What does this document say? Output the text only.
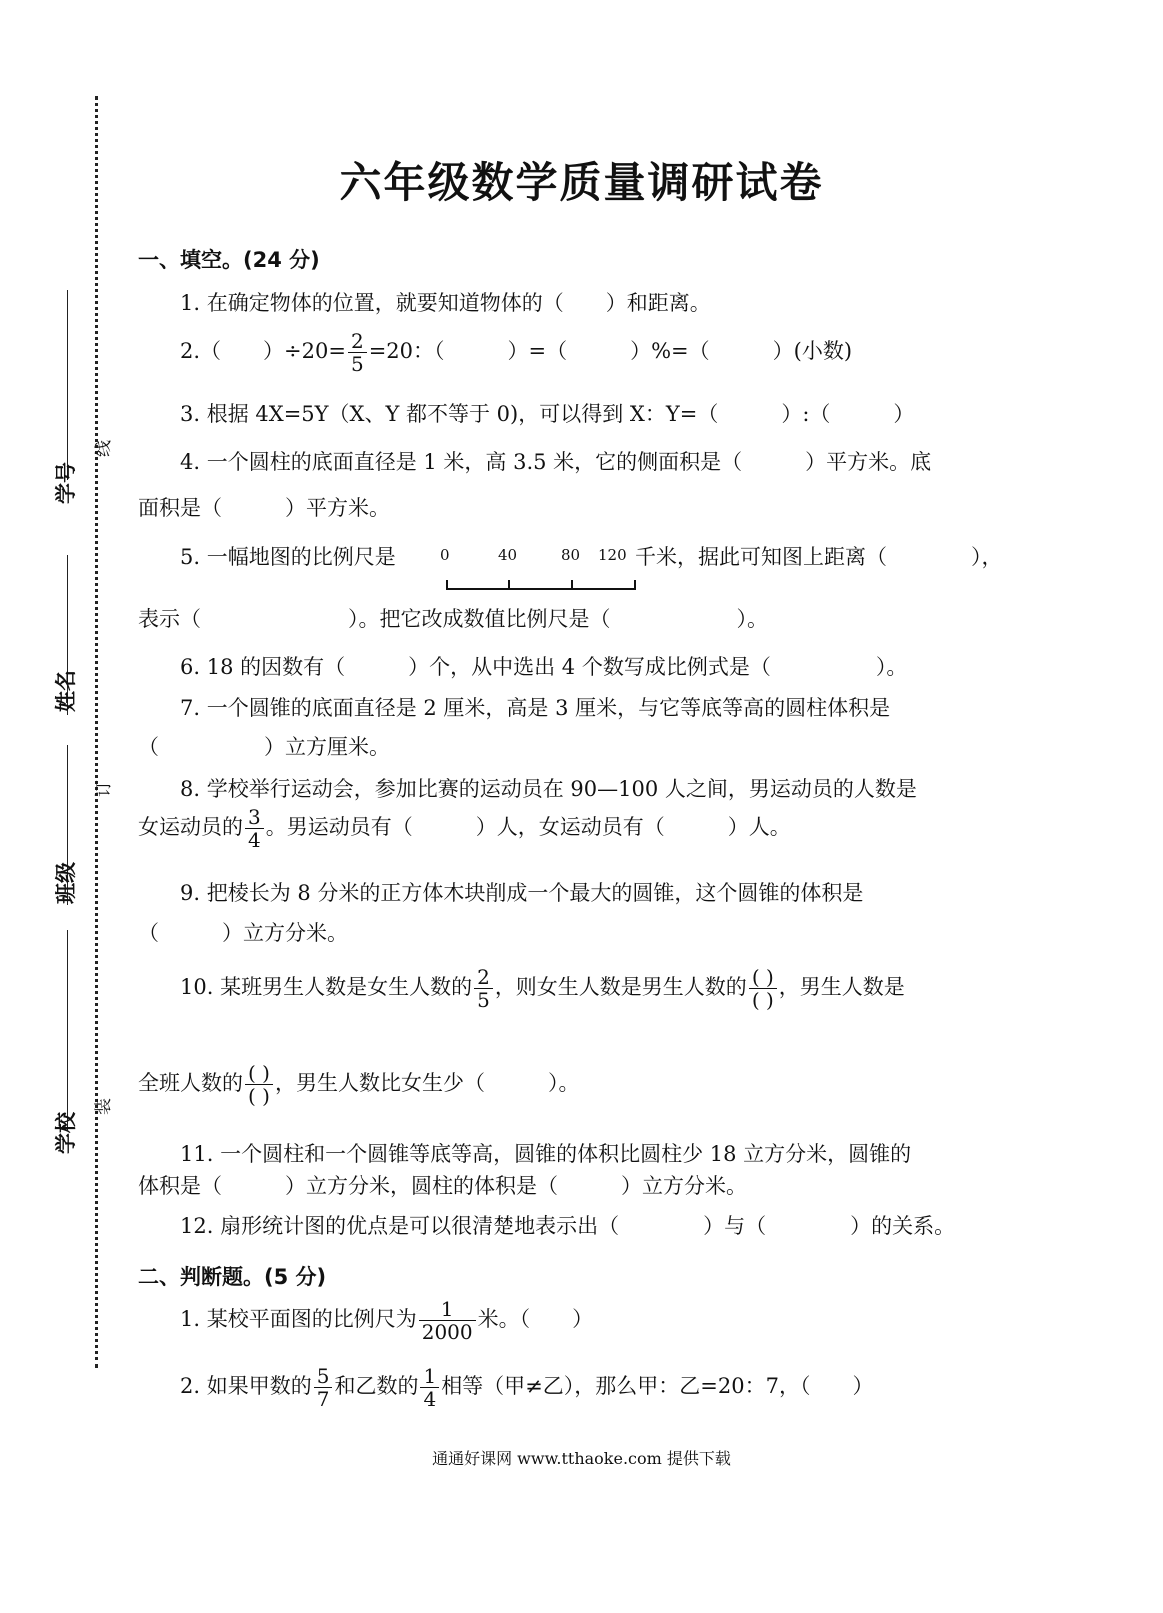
学号
姓名
班级
学校
线
订
装
六年级数学质量调研试卷
一、填空。(24 分)
1. 在确定物体的位置，就要知道物体的（　　）和距离。
2.（　　）$\div 20= \frac{2}{5} =20$：（　　　）=（　　　）%=（　　　）(小数)
3. 根据 4X=5Y（X、Y 都不等于 0)，可以得到 X：Y=（　　　）:（　　　）
4. 一个圆柱的底面直径是 1 米，高 3.5 米，它的侧面积是（　　　）平方米。底
面积是（　　　）平方米。
5. 一幅地图的比例尺是	0	40	80 120 千米，据此可知图上距离（　　　　），
表示（　　　　　　　）。把它改成数值比例尺是（　　　　　　）。
6. 18 的因数有（　　　）个，从中选出 4 个数写成比例式是（　　　　　）。
7. 一个圆锥的底面直径是 2 厘米，高是 3 厘米，与它等底等高的圆柱体积是
（　　　　　）立方厘米。
8. 学校举行运动会，参加比赛的运动员在 90—100 人之间，男运动员的人数是
女运动员的 $\frac{3}{4}$ 。男运动员有（　　　）人，女运动员有（　　　）人。
9. 把棱长为 8 分米的正方体木块削成一个最大的圆锥，这个圆锥的体积是
（　　　）立方分米。
10. 某班男生人数是女生人数的 $\frac{2}{5}$ ，则女生人数是男生人数的 $\frac{( )}{( )}$ ，男生人数是
全班人数的 $\frac{( )}{( )}$ ，男生人数比女生少（　　　）。
11. 一个圆柱和一个圆锥等底等高，圆锥的体积比圆柱少 18 立方分米，圆锥的
体积是（　　　）立方分米，圆柱的体积是（　　　）立方分米。
12. 扇形统计图的优点是可以很清楚地表示出（　　　　）与（　　　　）的关系。
二、判断题。(5 分)
1. 某校平面图的比例尺为 $\frac{1}{2000}$ 米。（　　）
2. 如果甲数的 $\frac{5}{7}$ 和乙数的 $\frac{1}{4}$ 相等（甲≠乙），那么甲：乙=20：7，（　　）
通通好课网 www.tthaoke.com 提供下载
